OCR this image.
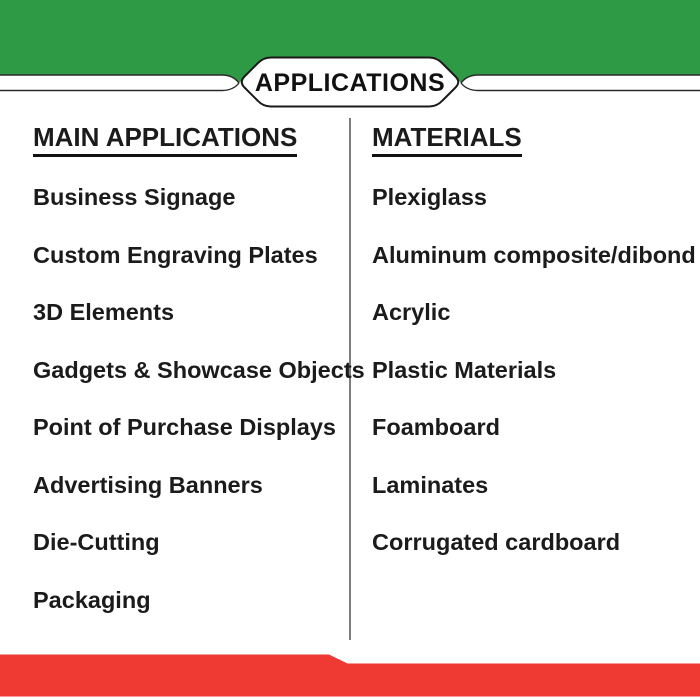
APPLICATIONS
MAIN APPLICATIONS
Business Signage
Custom Engraving Plates
3D Elements
Gadgets & Showcase Objects
Point of Purchase Displays
Advertising Banners
Die-Cutting
Packaging
MATERIALS
Plexiglass
Aluminum composite/dibond
Acrylic
Plastic Materials
Foamboard
Laminates
Corrugated cardboard
